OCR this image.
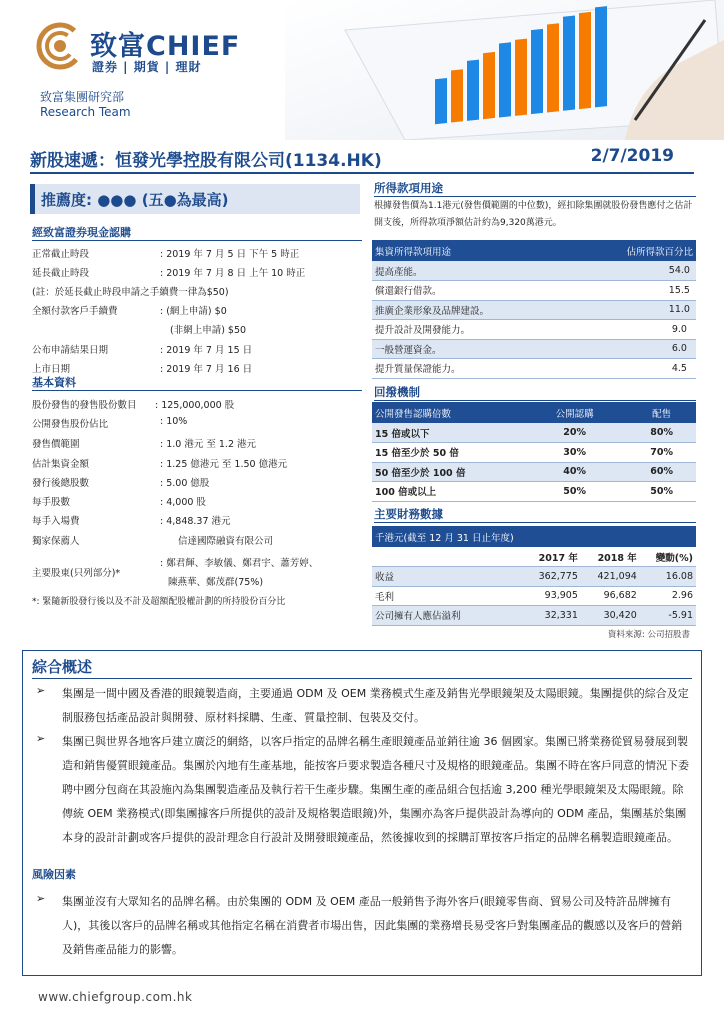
致富CHIEF
證券 | 期貨 | 理財
致富集團研究部
Research Team
新股速遞：恒發光學控股有限公司(1134.HK)	2/7/2019
推薦度: ●●● (五●為最高)
經致富證券現金認購
正常截止時段	: 2019 年 7 月 5 日 下午 5 時正
延長截止時段	: 2019 年 7 月 8 日 上午 10 時正
(註：於延長截止時段申請之手續費一律為$50)
全額付款客戶手續費	: (網上申請) $0
(非網上申請) $50
公布申請結果日期	: 2019 年 7 月 15 日
上市日期	: 2019 年 7 月 16 日
基本資料
股份發售的發售股份數目 : 125,000,000 股
公開發售股份佔比	: 10%
發售價範圍	: 1.0 港元 至 1.2 港元
估計集資金額	: 1.25 億港元 至 1.50 億港元
發行後總股數	: 5.00 億股
每手股數	: 4,000 股
每手入場費	: 4,848.37 港元
獨家保薦人	信達國際融資有限公司
主要股東(只列部分)*
: 鄭君輝、李敏儀、鄭君宇、蕭芳婷、
陳燕華、鄭茂群(75%)
*: 緊隨新股發行後以及不計及超額配股權計劃的所持股份百分比
所得款項用途
根據發售價為1.1港元(發售價範圍的中位數)，經扣除集團就股份發售應付之估計開支後，所得款項淨額估計約為9,320萬港元。
集資所得款項用途	佔所得款百分比
提高產能。	54.0
償還銀行借款。	15.5
推廣企業形象及品牌建設。	11.0
提升設計及開發能力。	9.0
一般營運資金。	6.0
提升質量保證能力。	4.5
回撥機制
公開發售認購倍數	公開認購	配售
15 倍或以下	20%	80%
15 倍至少於 50 倍	30%	70%
50 倍至少於 100 倍	40%	60%
100 倍或以上	50%	50%
主要財務數據
千港元(截至 12 月 31 日止年度)			
	2017 年	2018 年	變動(%)
收益	362,775	421,094	16.08
毛利	93,905	96,682	2.96
公司擁有人應佔溢利	32,331	30,420	-5.91
資料來源: 公司招股書
綜合概述
➢ 集團是一間中國及香港的眼鏡製造商，主要通過 ODM 及 OEM 業務模式生產及銷售光學眼鏡架及太陽眼鏡。集團提供的綜合及定制服務包括產品設計與開發、原材料採購、生產、質量控制、包裝及交付。
➢ 集團已與世界各地客戶建立廣泛的網絡，以客戶指定的品牌名稱生產眼鏡產品並銷往逾 36 個國家。集團已將業務從貿易發展到製造和銷售優質眼鏡產品。集團於內地有生產基地，能按客戶要求製造各種尺寸及規格的眼鏡產品。集團不時在客戶同意的情況下委聘中國分包商在其設施內為集團製造產品及執行若干生產步驟。集團生產的產品組合包括逾 3,200 種光學眼鏡架及太陽眼鏡。除傳統 OEM 業務模式(即集團據客戶所提供的設計及規格製造眼鏡)外，集團亦為客戶提供設計為導向的 ODM 產品，集團基於集團本身的設計計劃或客戶提供的設計理念自行設計及開發眼鏡產品，然後據收到的採購訂單按客戶指定的品牌名稱製造眼鏡產品。
風險因素
➢ 集團並沒有大眾知名的品牌名稱。由於集團的 ODM 及 OEM 產品一般銷售予海外客戶(眼鏡零售商、貿易公司及特許品牌擁有人)，其後以客戶的品牌名稱或其他指定名稱在消費者市場出售，因此集團的業務增長易受客戶對集團產品的觀感以及客戶的營銷及銷售產品能力的影響。
www.chiefgroup.com.hk
